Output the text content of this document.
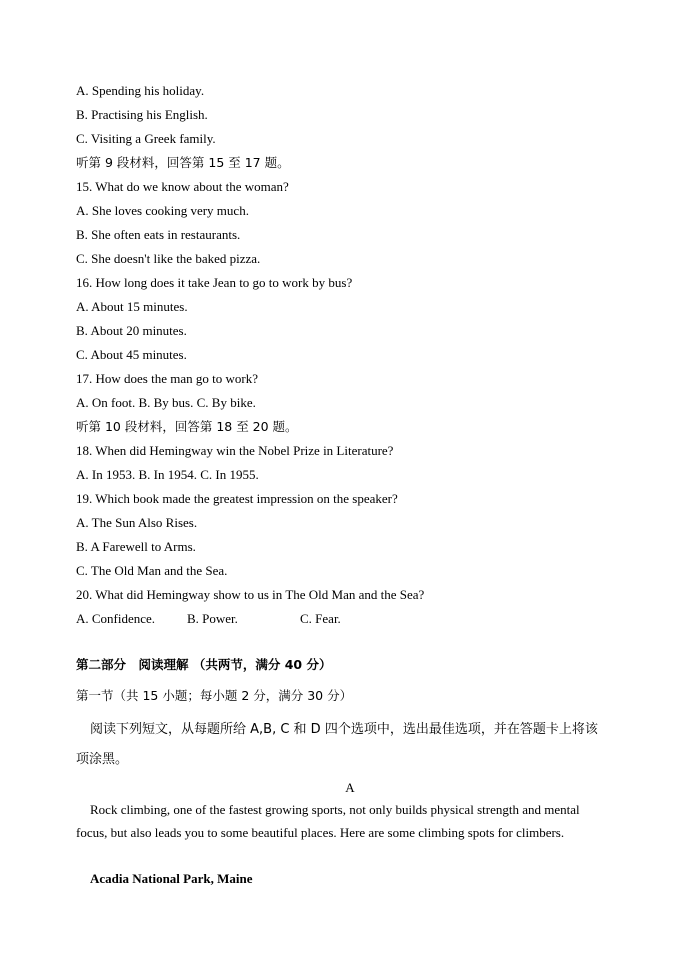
A. Spending his holiday.
B. Practising his English.
C. Visiting a Greek family.
听第 9 段材料，回答第 15 至 17 题。
15. What do we know about the woman?
A. She loves cooking very much.
B. She often eats in restaurants.
C. She doesn't like the baked pizza.
16. How long does it take Jean to go to work by bus?
A. About 15 minutes.
B. About 20 minutes.
C. About 45 minutes.
17. How does the man go to work?
A. On foot. B. By bus. C. By bike.
听第 10 段材料，回答第 18 至 20 题。
18. When did Hemingway win the Nobel Prize in Literature?
A. In 1953. B. In 1954. C. In 1955.
19. Which book made the greatest impression on the speaker?
A. The Sun Also Rises.
B. A Farewell to Arms.
C. The Old Man and the Sea.
20. What did Hemingway show to us in The Old Man and the Sea?
A. Confidence. B. Power.	C. Fear.
第二部分　阅读理解 （共两节，满分 40 分）
第一节（共 15 小题；每小题 2 分，满分 30 分）
阅读下列短文，从每题所给 A,B, C 和 D 四个选项中，选出最佳选项，并在答题卡上将该项涂黑。
A
Rock climbing, one of the fastest growing sports, not only builds physical strength and mental focus, but also leads you to some beautiful places. Here are some climbing spots for climbers.
Acadia National Park, Maine
